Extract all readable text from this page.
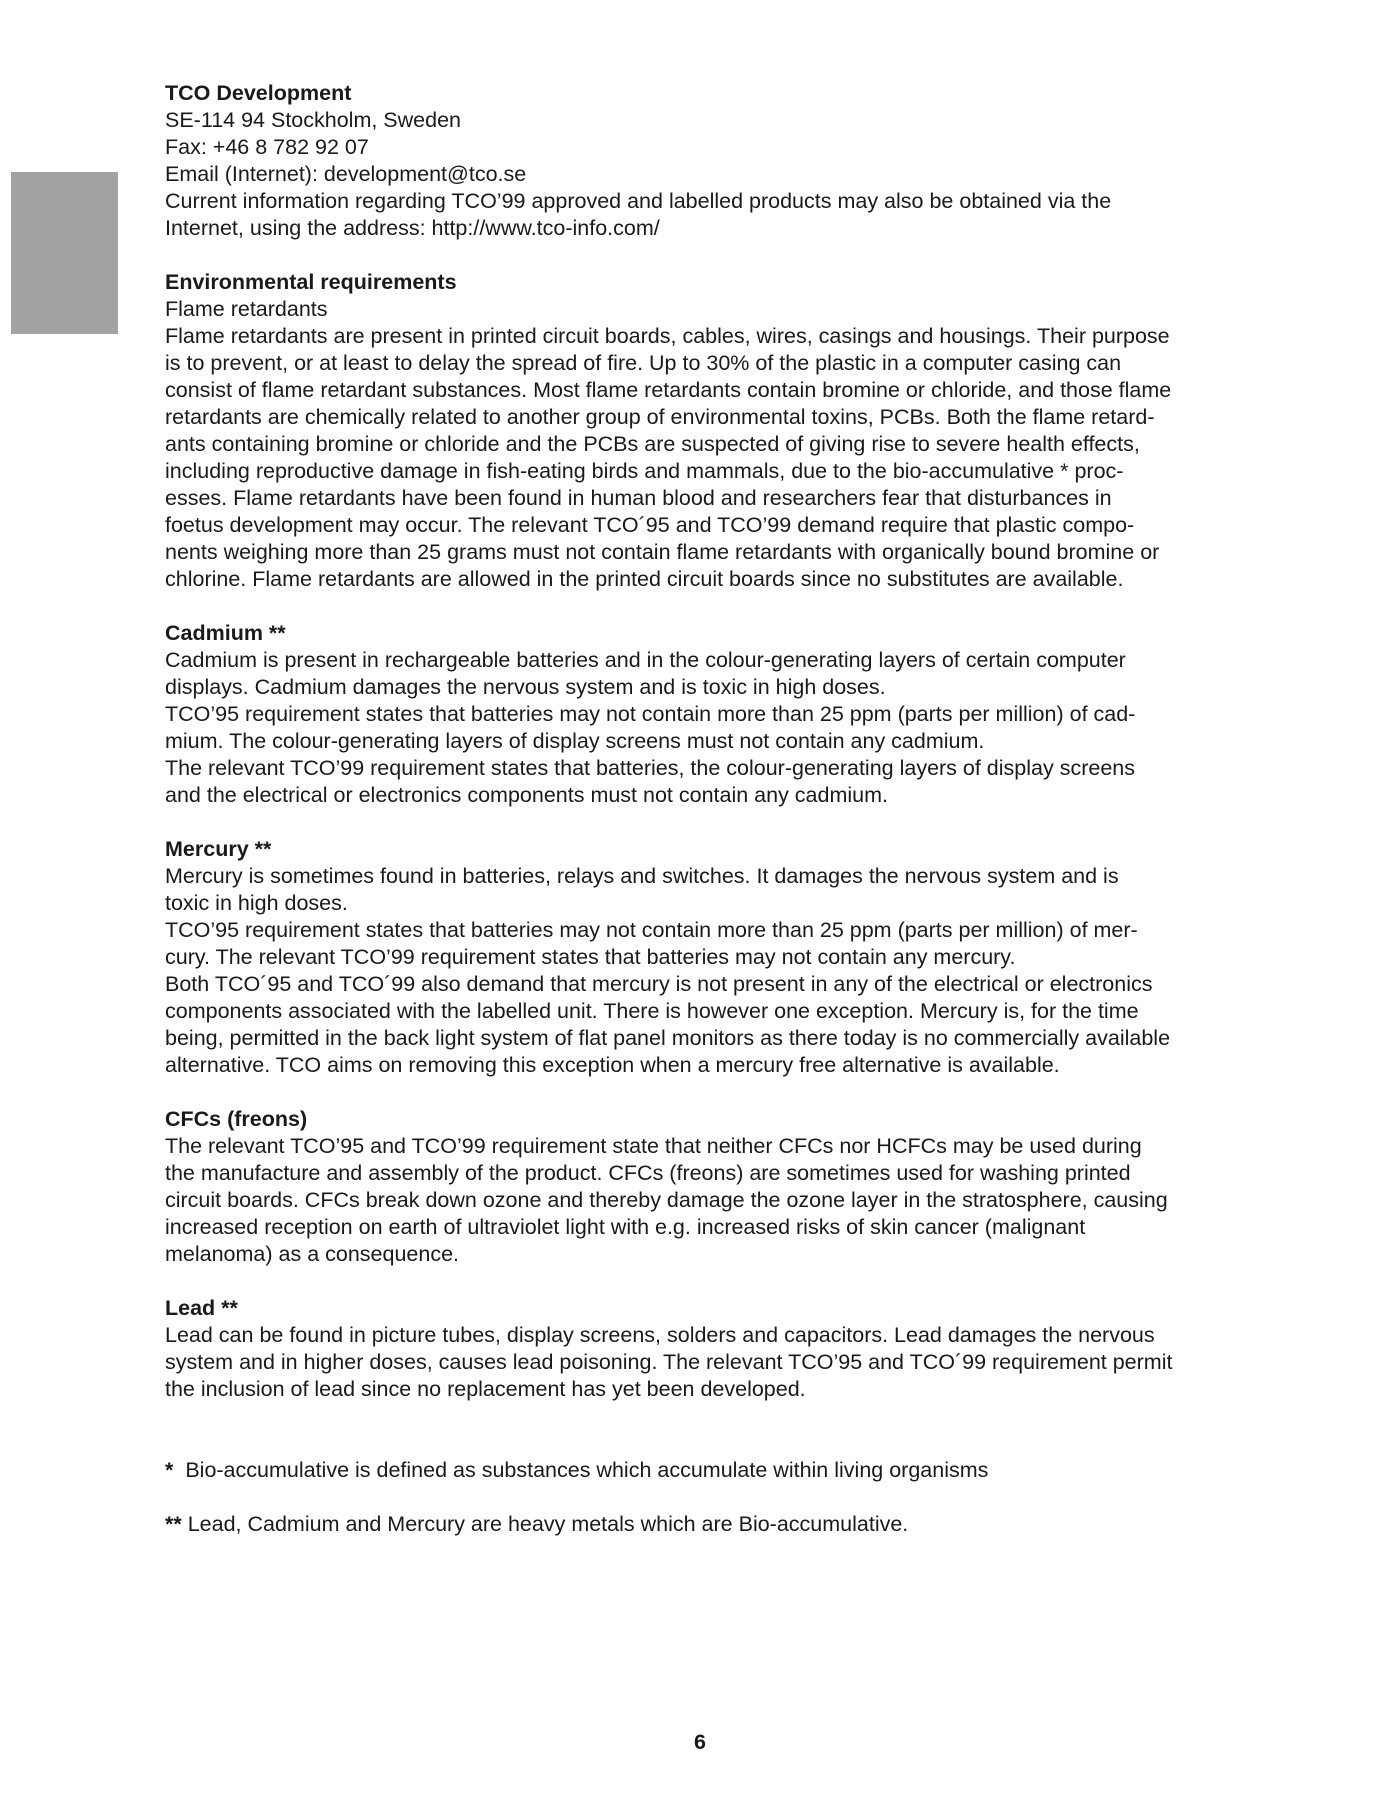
TCO Development
SE-114 94 Stockholm, Sweden
Fax: +46 8 782 92 07
Email (Internet): development@tco.se
Current information regarding TCO’99 approved and labelled products may also be obtained via the
Internet, using the address: http://www.tco-info.com/
Environmental requirements
Flame retardants
Flame retardants are present in printed circuit boards, cables, wires, casings and housings. Their purpose
is to prevent, or at least to delay the spread of fire. Up to 30% of the plastic in a computer casing can
consist of flame retardant substances. Most flame retardants contain bromine or chloride, and those flame
retardants are chemically related to another group of environmental toxins, PCBs. Both the flame retard-
ants containing bromine or chloride and the PCBs are suspected of giving rise to severe health effects,
including reproductive damage in fish-eating birds and mammals, due to the bio-accumulative * proc-
esses. Flame retardants have been found in human blood and researchers fear that disturbances in
foetus development may occur. The relevant TCO´95 and TCO’99 demand require that plastic compo-
nents weighing more than 25 grams must not contain flame retardants with organically bound bromine or
chlorine. Flame retardants are allowed in the printed circuit boards since no substitutes are available.
Cadmium **
Cadmium is present in rechargeable batteries and in the colour-generating layers of certain computer
displays. Cadmium damages the nervous system and is toxic in high doses.
TCO’95 requirement states that batteries may not contain more than 25 ppm (parts per million) of cad-
mium. The colour-generating layers of display screens must not contain any cadmium.
The relevant TCO’99 requirement states that batteries, the colour-generating layers of display screens
and the electrical or electronics components must not contain any cadmium.
Mercury **
Mercury is sometimes found in batteries, relays and switches. It damages the nervous system and is
toxic in high doses.
TCO’95 requirement states that batteries may not contain more than 25 ppm (parts per million) of mer-
cury. The relevant TCO’99 requirement states that batteries may not contain any mercury.
Both TCO´95 and TCO´99 also demand that mercury is not present in any of the electrical or electronics
components associated with the labelled unit. There is however one exception. Mercury is, for the time
being, permitted in the back light system of flat panel monitors as there today is no commercially available
alternative. TCO aims on removing this exception when a mercury free alternative is available.
CFCs (freons)
The relevant TCO’95 and TCO’99 requirement state that neither CFCs nor HCFCs may be used during
the manufacture and assembly of the product. CFCs (freons) are sometimes used for washing printed
circuit boards. CFCs break down ozone and thereby damage the ozone layer in the stratosphere, causing
increased reception on earth of ultraviolet light with e.g. increased risks of skin cancer (malignant
melanoma) as a consequence.
Lead **
Lead can be found in picture tubes, display screens, solders and capacitors. Lead damages the nervous
system and in higher doses, causes lead poisoning. The relevant TCO’95 and TCO´99 requirement permit
the inclusion of lead since no replacement has yet been developed.
* Bio-accumulative is defined as substances which accumulate within living organisms
** Lead, Cadmium and Mercury are heavy metals which are Bio-accumulative.
6
